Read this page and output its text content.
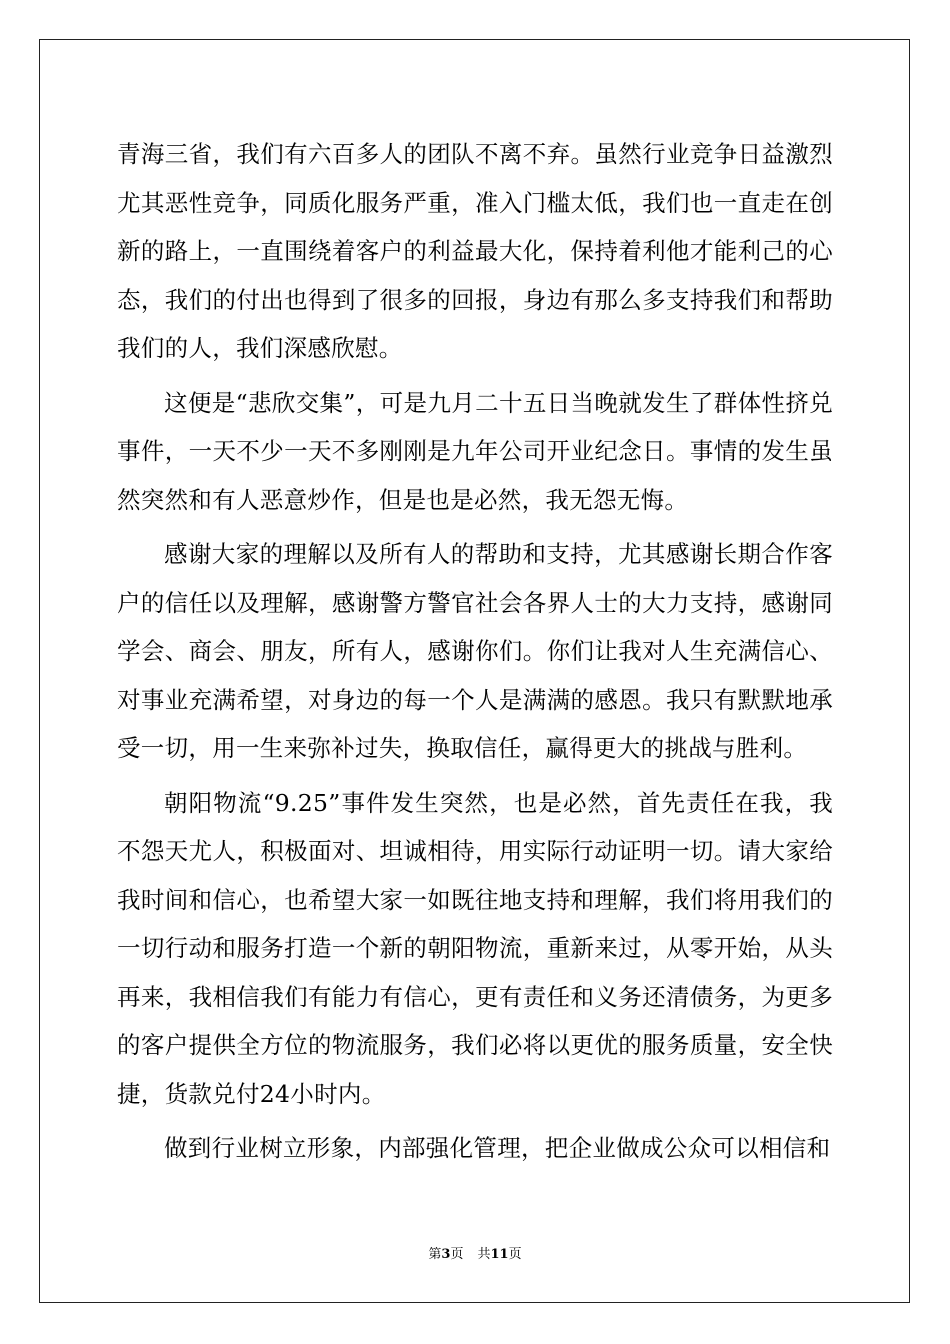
青海三省，我们有六百多人的团队不离不弃。虽然行业竞争日益激烈尤其恶性竞争，同质化服务严重，准入门槛太低，我们也一直走在创新的路上，一直围绕着客户的利益最大化，保持着利他才能利己的心态，我们的付出也得到了很多的回报，身边有那么多支持我们和帮助我们的人，我们深感欣慰。

这便是“悲欣交集”，可是九月二十五日当晚就发生了群体性挤兑事件，一天不少一天不多刚刚是九年公司开业纪念日。事情的发生虽然突然和有人恶意炒作，但是也是必然，我无怨无悔。

感谢大家的理解以及所有人的帮助和支持，尤其感谢长期合作客户的信任以及理解，感谢警方警官社会各界人士的大力支持，感谢同学会、商会、朋友，所有人，感谢你们。你们让我对人生充满信心、对事业充满希望，对身边的每一个人是满满的感恩。我只有默默地承受一切，用一生来弥补过失，换取信任，赢得更大的挑战与胜利。

朝阳物流“9.25”事件发生突然，也是必然，首先责任在我，我不怨天尤人，积极面对、坦诚相待，用实际行动证明一切。请大家给我时间和信心，也希望大家一如既往地支持和理解，我们将用我们的一切行动和服务打造一个新的朝阳物流，重新来过，从零开始，从头再来，我相信我们有能力有信心，更有责任和义务还清债务，为更多的客户提供全方位的物流服务，我们必将以更优的服务质量，安全快捷，货款兑付24小时内。

做到行业树立形象，内部强化管理，把企业做成公众可以相信和

第3页 共11页
